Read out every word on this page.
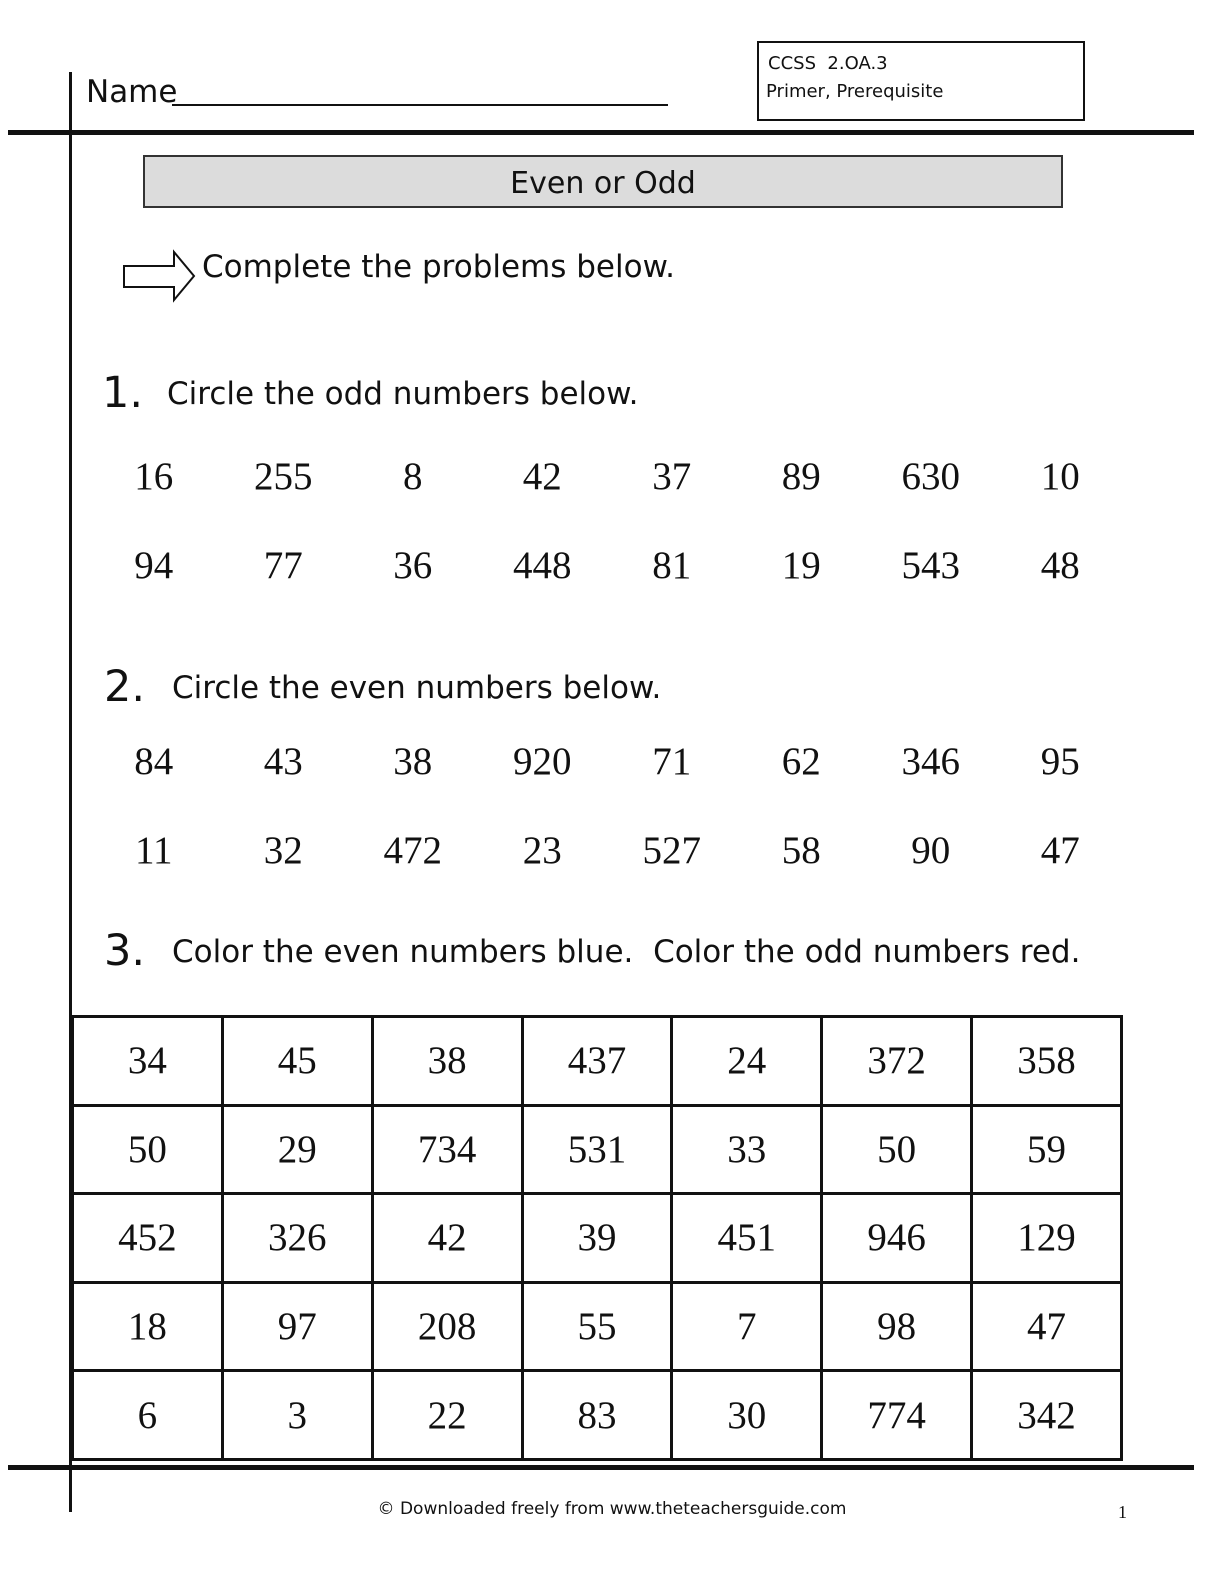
Name
CCSS  2.OA.3
Primer, Prerequisite
Even or Odd
Complete the problems below.
1. Circle the odd numbers below.
16	255	8	42	37	89	630	10
94	77	36	448	81	19	543	48
2. Circle the even numbers below.
84	43	38	920	71	62	346	95
11	32	472	23	527	58	90	47
3. Color the even numbers blue.  Color the odd numbers red.
34	45	38	437	24	372	358
50	29	734	531	33	50	59
452	326	42	39	451	946	129
18	97	208	55	7	98	47
6	3	22	83	30	774	342
© Downloaded freely from www.theteachersguide.com	1
